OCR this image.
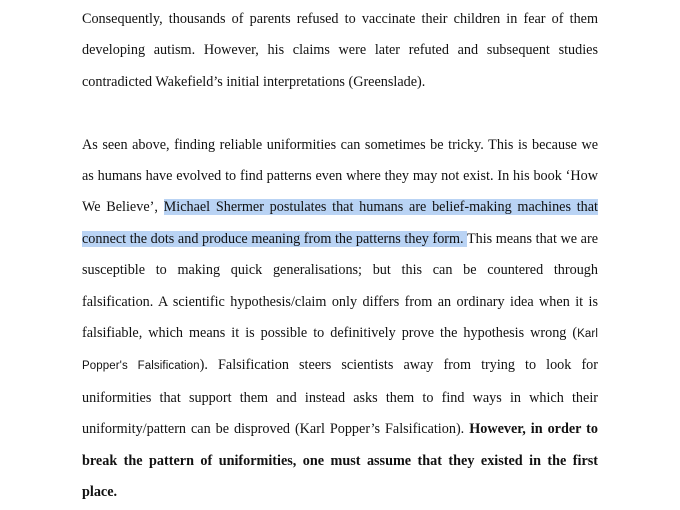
Consequently, thousands of parents refused to vaccinate their children in fear of them developing autism. However, his claims were later refuted and subsequent studies contradicted Wakefield’s initial interpretations (Greenslade).

As seen above, finding reliable uniformities can sometimes be tricky. This is because we as humans have evolved to find patterns even where they may not exist. In his book ‘How We Believe’, Michael Shermer postulates that humans are belief-making machines that connect the dots and produce meaning from the patterns they form. This means that we are susceptible to making quick generalisations; but this can be countered through falsification. A scientific hypothesis/claim only differs from an ordinary idea when it is falsifiable, which means it is possible to definitively prove the hypothesis wrong (Karl Popper's Falsification). Falsification steers scientists away from trying to look for uniformities that support them and instead asks them to find ways in which their uniformity/pattern can be disproved (Karl Popper’s Falsification). However, in order to break the pattern of uniformities, one must assume that they existed in the first place.
